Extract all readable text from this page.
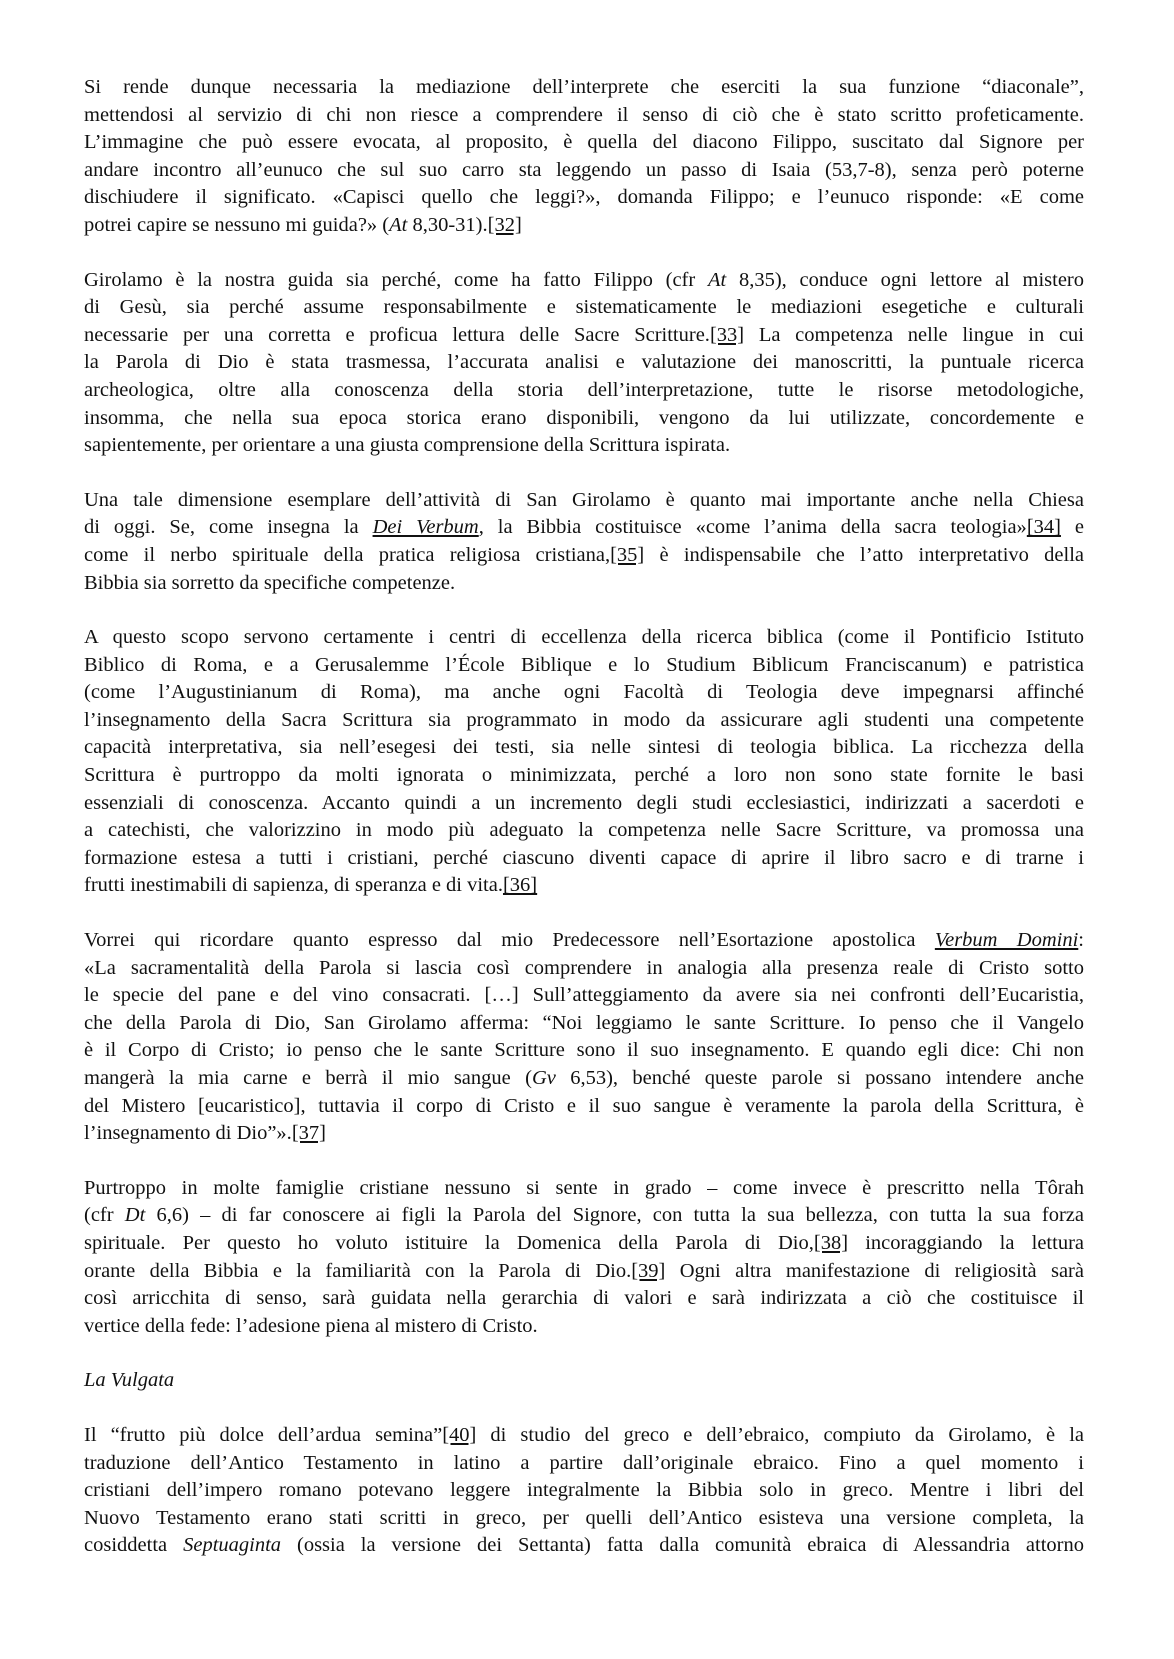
Si rende dunque necessaria la mediazione dell’interprete che eserciti la sua funzione “diaconale”,
mettendosi al servizio di chi non riesce a comprendere il senso di ciò che è stato scritto profeticamente.
L’immagine che può essere evocata, al proposito, è quella del diacono Filippo, suscitato dal Signore per
andare incontro all’eunuco che sul suo carro sta leggendo un passo di Isaia (53,7-8), senza però poterne
dischiudere il significato. «Capisci quello che leggi?», domanda Filippo; e l’eunuco risponde: «E come
potrei capire se nessuno mi guida?» (At 8,30-31).[32]
Girolamo è la nostra guida sia perché, come ha fatto Filippo (cfr At 8,35), conduce ogni lettore al mistero
di Gesù, sia perché assume responsabilmente e sistematicamente le mediazioni esegetiche e culturali
necessarie per una corretta e proficua lettura delle Sacre Scritture.[33] La competenza nelle lingue in cui
la Parola di Dio è stata trasmessa, l’accurata analisi e valutazione dei manoscritti, la puntuale ricerca
archeologica, oltre alla conoscenza della storia dell’interpretazione, tutte le risorse metodologiche,
insomma, che nella sua epoca storica erano disponibili, vengono da lui utilizzate, concordemente e
sapientemente, per orientare a una giusta comprensione della Scrittura ispirata.
Una tale dimensione esemplare dell’attività di San Girolamo è quanto mai importante anche nella Chiesa
di oggi. Se, come insegna la Dei Verbum, la Bibbia costituisce «come l’anima della sacra teologia»[34] e
come il nerbo spirituale della pratica religiosa cristiana,[35] è indispensabile che l’atto interpretativo della
Bibbia sia sorretto da specifiche competenze.
A questo scopo servono certamente i centri di eccellenza della ricerca biblica (come il Pontificio Istituto
Biblico di Roma, e a Gerusalemme l’École Biblique e lo Studium Biblicum Franciscanum) e patristica
(come l’Augustinianum di Roma), ma anche ogni Facoltà di Teologia deve impegnarsi affinché
l’insegnamento della Sacra Scrittura sia programmato in modo da assicurare agli studenti una competente
capacità interpretativa, sia nell’esegesi dei testi, sia nelle sintesi di teologia biblica. La ricchezza della
Scrittura è purtroppo da molti ignorata o minimizzata, perché a loro non sono state fornite le basi
essenziali di conoscenza. Accanto quindi a un incremento degli studi ecclesiastici, indirizzati a sacerdoti e
a catechisti, che valorizzino in modo più adeguato la competenza nelle Sacre Scritture, va promossa una
formazione estesa a tutti i cristiani, perché ciascuno diventi capace di aprire il libro sacro e di trarne i
frutti inestimabili di sapienza, di speranza e di vita.[36]
Vorrei qui ricordare quanto espresso dal mio Predecessore nell’Esortazione apostolica Verbum Domini:
«La sacramentalità della Parola si lascia così comprendere in analogia alla presenza reale di Cristo sotto
le specie del pane e del vino consacrati. […] Sull’atteggiamento da avere sia nei confronti dell’Eucaristia,
che della Parola di Dio, San Girolamo afferma: “Noi leggiamo le sante Scritture. Io penso che il Vangelo
è il Corpo di Cristo; io penso che le sante Scritture sono il suo insegnamento. E quando egli dice: Chi non
mangerà la mia carne e berrà il mio sangue (Gv 6,53), benché queste parole si possano intendere anche
del Mistero [eucaristico], tuttavia il corpo di Cristo e il suo sangue è veramente la parola della Scrittura, è
l’insegnamento di Dio”».[37]
Purtroppo in molte famiglie cristiane nessuno si sente in grado – come invece è prescritto nella Tôrah
(cfr Dt 6,6) – di far conoscere ai figli la Parola del Signore, con tutta la sua bellezza, con tutta la sua forza
spirituale. Per questo ho voluto istituire la Domenica della Parola di Dio,[38] incoraggiando la lettura
orante della Bibbia e la familiarità con la Parola di Dio.[39] Ogni altra manifestazione di religiosità sarà
così arricchita di senso, sarà guidata nella gerarchia di valori e sarà indirizzata a ciò che costituisce il
vertice della fede: l’adesione piena al mistero di Cristo.
La Vulgata
Il “frutto più dolce dell’ardua semina”[40] di studio del greco e dell’ebraico, compiuto da Girolamo, è la
traduzione dell’Antico Testamento in latino a partire dall’originale ebraico. Fino a quel momento i
cristiani dell’impero romano potevano leggere integralmente la Bibbia solo in greco. Mentre i libri del
Nuovo Testamento erano stati scritti in greco, per quelli dell’Antico esisteva una versione completa, la
cosiddetta Septuaginta (ossia la versione dei Settanta) fatta dalla comunità ebraica di Alessandria attorno
